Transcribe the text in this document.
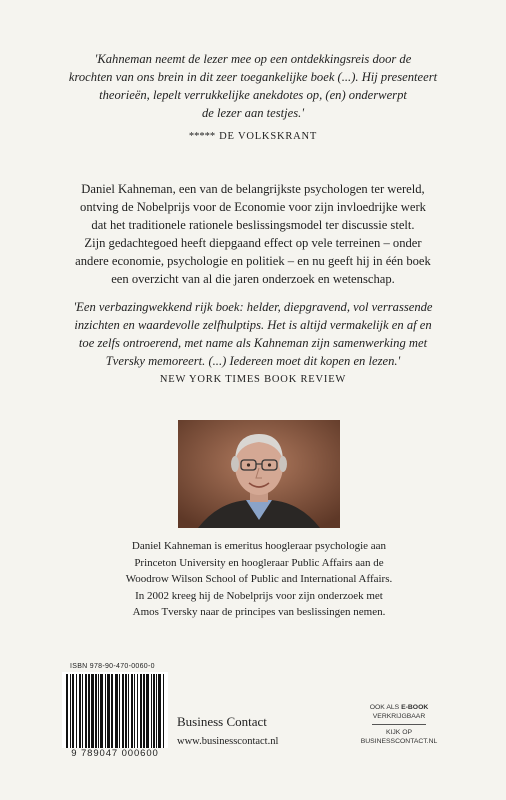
'Kahneman neemt de lezer mee op een ontdekkingsreis door de
krochten van ons brein in dit zeer toegankelijke boek (...). Hij presenteert
theorieën, lepelt verrukkelijke anekdotes op, (en) onderwerpt
de lezer aan testjes.'
***** DE VOLKSKRANT
Daniel Kahneman, een van de belangrijkste psychologen ter wereld,
ontving de Nobelprijs voor de Economie voor zijn invloedrijke werk
dat het traditionele rationele beslissingsmodel ter discussie stelt.
Zijn gedachtegoed heeft diepgaand effect op vele terreinen – onder
andere economie, psychologie en politiek – en nu geeft hij in één boek
een overzicht van al die jaren onderzoek en wetenschap.
'Een verbazingwekkend rijk boek: helder, diepgravend, vol verrassende
inzichten en waardevolle zelfhulptips. Het is altijd vermakelijk en af en
toe zelfs ontroerend, met name als Kahneman zijn samenwerking met
Tversky memoreert. (...) Iedereen moet dit kopen en lezen.'
NEW YORK TIMES BOOK REVIEW
Daniel Kahneman is emeritus hoogleraar psychologie aan
Princeton University en hoogleraar Public Affairs aan de
Woodrow Wilson School of Public and International Affairs.
In 2002 kreeg hij de Nobelprijs voor zijn onderzoek met
Amos Tversky naar de principes van beslissingen nemen.
ISBN 978-90-470-0060-0
9 789047 000600
Business Contact
www.businesscontact.nl
OOK ALS E-BOOK
VERKRIJGBAAR
KIJK OP
BUSINESSCONTACT.NL
